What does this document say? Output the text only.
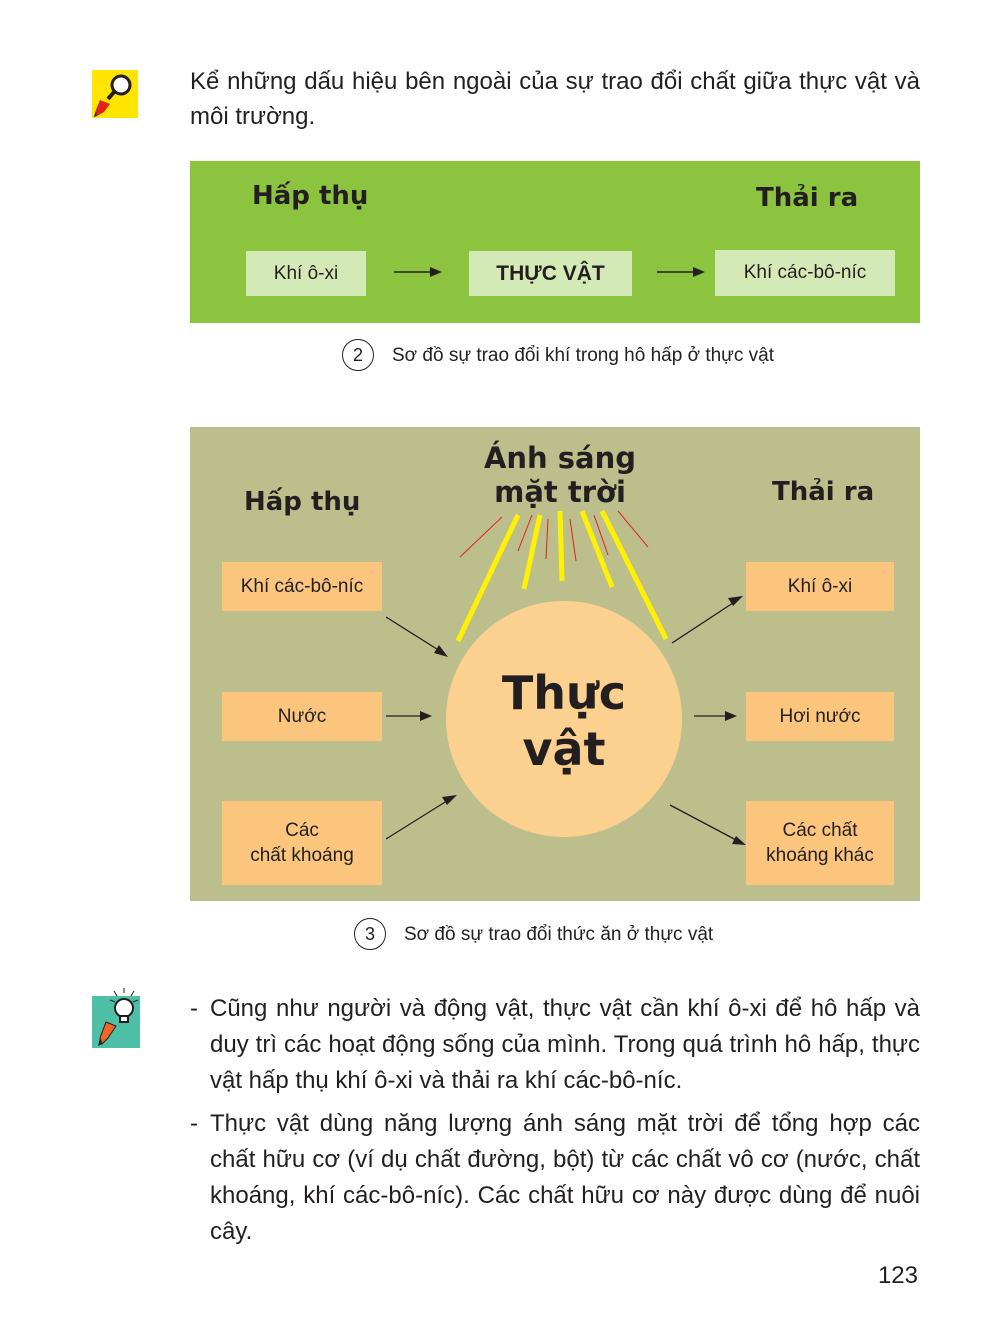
Kể những dấu hiệu bên ngoài của sự trao đổi chất giữa thực vật và môi trường.

Hấp thụ	Thải ra
Khí ô-xi	THỰC VẬT	Khí các-bô-níc
2	Sơ đồ sự trao đổi khí trong hô hấp ở thực vật
Hấp thụ	Thải ra
Ánh sáng
mặt trời
Thực
vật
Khí các-bô-níc
Nước
Các
chất khoáng
Khí ô-xi
Hơi nước
Các chất
khoáng khác
3	Sơ đồ sự trao đổi thức ăn ở thực vật
- Cũng như người và động vật, thực vật cần khí ô-xi để hô hấp và duy trì các hoạt động sống của mình. Trong quá trình hô hấp, thực vật hấp thụ khí ô-xi và thải ra khí các-bô-níc.
- Thực vật dùng năng lượng ánh sáng mặt trời để tổng hợp các chất hữu cơ (ví dụ chất đường, bột) từ các chất vô cơ (nước, chất khoáng, khí các-bô-níc). Các chất hữu cơ này được dùng để nuôi cây.
123
